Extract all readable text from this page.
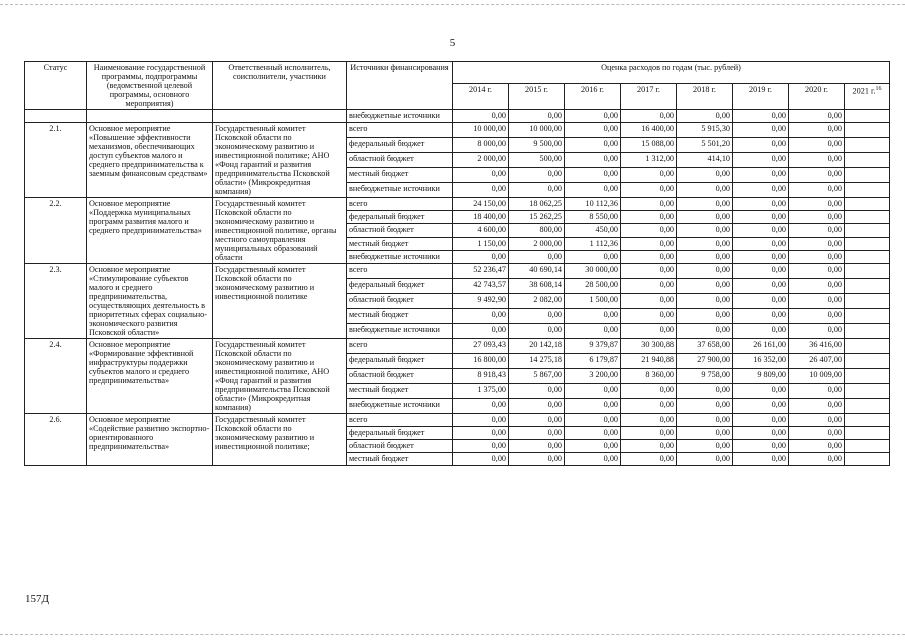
5
Статус	Наименование государственной программы, подпрограммы (ведомственной целевой программы, основного мероприятия)	Ответственный исполнитель, соисполнители, участники	Источники финансирования	Оценка расходов по годам (тыс. рублей)							
				2014 г.	2015 г.	2016 г.	2017 г.	2018 г.	2019 г.	2020 г.	2021 г.$^{16}$
			внебюджетные источники	0,00	0,00	0,00	0,00	0,00	0,00	0,00	
2.1.	Основное мероприятие «Повышение эффективности механизмов, обеспечивающих доступ субъектов малого и среднего предпринимательства к заемным финансовым средствам»	Государственный комитет Псковской области по экономическому развитию и инвестиционной политике; АНО «Фонд гарантий и развития предпринимательства Псковской области» (Микрокредитная компания)	всего	10 000,00	10 000,00	0,00	16 400,00	5 915,30	0,00	0,00	
			федеральный бюджет	8 000,00	9 500,00	0,00	15 088,00	5 501,20	0,00	0,00	
			областной бюджет	2 000,00	500,00	0,00	1 312,00	414,10	0,00	0,00	
			местный бюджет	0,00	0,00	0,00	0,00	0,00	0,00	0,00	
			внебюджетные источники	0,00	0,00	0,00	0,00	0,00	0,00	0,00	
2.2.	Основное мероприятие «Поддержка муниципальных программ развития малого и среднего предпринимательства»	Государственный комитет Псковской области по экономическому развитию и инвестиционной политике, органы местного самоуправления муниципальных образований области	всего	24 150,00	18 062,25	10 112,36	0,00	0,00	0,00	0,00	
			федеральный бюджет	18 400,00	15 262,25	8 550,00	0,00	0,00	0,00	0,00	
			областной бюджет	4 600,00	800,00	450,00	0,00	0,00	0,00	0,00	
			местный бюджет	1 150,00	2 000,00	1 112,36	0,00	0,00	0,00	0,00	
			внебюджетные источники	0,00	0,00	0,00	0,00	0,00	0,00	0,00	
2.3.	Основное мероприятие «Стимулирование субъектов малого и среднего предпринимательства, осуществляющих деятельность в приоритетных сферах социально-экономического развития Псковской области»	Государственный комитет Псковской области по экономическому развитию и инвестиционной политике	всего	52 236,47	40 690,14	30 000,00	0,00	0,00	0,00	0,00	
			федеральный бюджет	42 743,57	38 608,14	28 500,00	0,00	0,00	0,00	0,00	
			областной бюджет	9 492,90	2 082,00	1 500,00	0,00	0,00	0,00	0,00	
			местный бюджет	0,00	0,00	0,00	0,00	0,00	0,00	0,00	
			внебюджетные источники	0,00	0,00	0,00	0,00	0,00	0,00	0,00	
2.4.	Основное мероприятие «Формирование эффективной инфраструктуры поддержки субъектов малого и среднего предпринимательства»	Государственный комитет Псковской области по экономическому развитию и инвестиционной политике, АНО «Фонд гарантий и развития предпринимательства Псковской области» (Микрокредитная компания)	всего	27 093,43	20 142,18	9 379,87	30 300,88	37 658,00	26 161,00	36 416,00	
			федеральный бюджет	16 800,00	14 275,18	6 179,87	21 940,88	27 900,00	16 352,00	26 407,00	
			областной бюджет	8 918,43	5 867,00	3 200,00	8 360,00	9 758,00	9 809,00	10 009,00	
			местный бюджет	1 375,00	0,00	0,00	0,00	0,00	0,00	0,00	
			внебюджетные источники	0,00	0,00	0,00	0,00	0,00	0,00	0,00	
2.6.	Основное мероприятие «Содействие развитию экспортно-ориентированного предпринимательства»	Государственный комитет Псковской области по экономическому развитию и инвестиционной политике;	всего	0,00	0,00	0,00	0,00	0,00	0,00	0,00	
			федеральный бюджет	0,00	0,00	0,00	0,00	0,00	0,00	0,00	
			областной бюджет	0,00	0,00	0,00	0,00	0,00	0,00	0,00	
			местный бюджет	0,00	0,00	0,00	0,00	0,00	0,00	0,00	
157Д
